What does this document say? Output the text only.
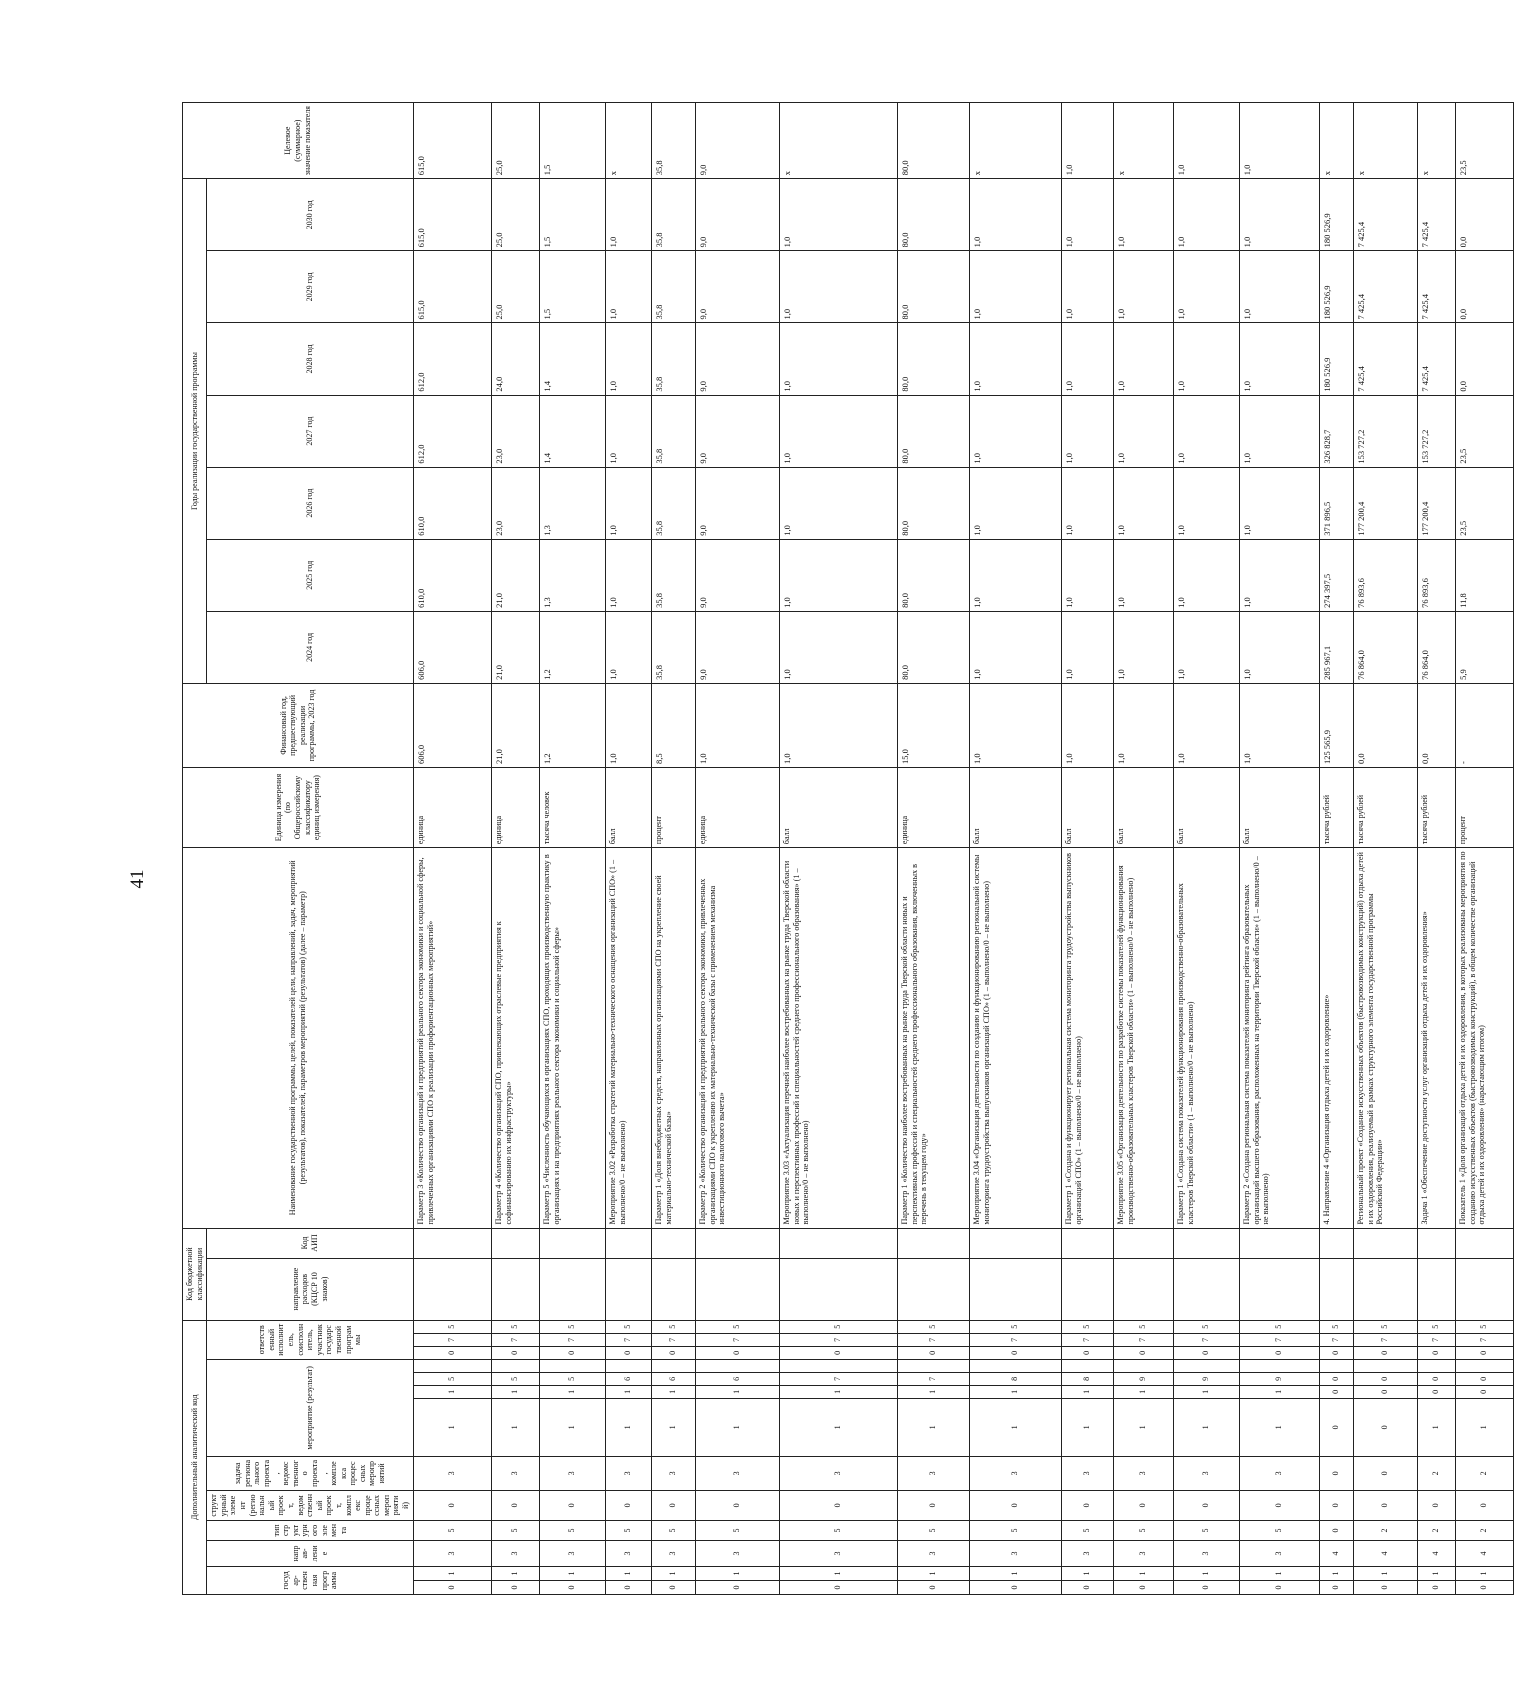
41
Дополнительный аналитический код													Код бюджетной классификации		Наименование государственной программы, целей, показателей цели, направлений, задач, мероприятий (результатов), показателей, параметров мероприятий (результатов) (далее – параметр)	Единица измерения (по Общероссийскому классификатору единиц измерения)	Финансовый год, предшествующий реализации программы, 2023 год	Годы реализации государственной программы							Целевое (суммарное) значение показателя
государ-ственная программа		направ-ление	тип структурного элемента	структурный элемент (региональный проект, ведомственный проект, комплекс процессных мероприятий)	задача регионального проекта, ведомственного проекта, комплекса процессных мероприятий	мероприятие (результат)				ответственный исполнитель, соисполнитель, участник государственной программы			направление расходов (КЦСР 10 знаков)	Код АИП				2024 год	2025 год	2026 год	2027 год	2028 год	2029 год	2030 год	
0	1	3	5	0	3	1	1	5		0	7	5			Параметр 3 «Количество организаций и предприятий реального сектора экономики и социальной сферы, привлеченных организациями СПО к реализации профориентационных мероприятий»	единица	606,0	606,0	610,0	610,0	612,0	612,0	615,0	615,0	615,0
0	1	3	5	0	3	1	1	5		0	7	5			Параметр 4 «Количество организаций СПО, привлекающих отраслевые предприятия к софинансированию их инфраструктуры»	единица	21,0	21,0	21,0	23,0	23,0	24,0	25,0	25,0	25,0
0	1	3	5	0	3	1	1	5		0	7	5			Параметр 5 «Численность обучающихся в организациях СПО, проходящих производственную практику в организациях и на предприятиях реального сектора экономики и социальной сферы»	тысяча человек	1,2	1,2	1,3	1,3	1,4	1,4	1,5	1,5	1,5
0	1	3	5	0	3	1	1	6		0	7	5			Мероприятие 3.02 «Разработка стратегий материально-технического оснащения организаций СПО» (1 – выполнено/0 – не выполнено)	балл	1,0	1,0	1,0	1,0	1,0	1,0	1,0	1,0	х
0	1	3	5	0	3	1	1	6		0	7	5			Параметр 1 «Доля внебюджетных средств, направленных организациями СПО на укрепление своей материально-технической базы»	процент	8,5	35,8	35,8	35,8	35,8	35,8	35,8	35,8	35,8
0	1	3	5	0	3	1	1	6		0	7	5			Параметр 2 «Количество организаций и предприятий реального сектора экономики, привлеченных организациями СПО к укреплению их материально-технической базы с применением механизма инвестиционного налогового вычета»	единица	1,0	9,0	9,0	9,0	9,0	9,0	9,0	9,0	9,0
0	1	3	5	0	3	1	1	7		0	7	5			Мероприятие 3.03 «Актуализация перечней наиболее востребованных на рынке труда Тверской области новых и перспективных профессий и специальностей среднего профессионального образования» (1 – выполнено/0 – не выполнено)	балл	1,0	1,0	1,0	1,0	1,0	1,0	1,0	1,0	х
0	1	3	5	0	3	1	1	7		0	7	5			Параметр 1 «Количество наиболее востребованных на рынке труда Тверской области новых и перспективных профессий и специальностей среднего профессионального образования, включенных в перечень в текущем году»	единица	15,0	80,0	80,0	80,0	80,0	80,0	80,0	80,0	80,0
0	1	3	5	0	3	1	1	8		0	7	5			Мероприятие 3.04 «Организация деятельности по созданию и функционированию региональной системы мониторинга трудоустройства выпускников организаций СПО» (1 – выполнено/0 – не выполнено)	балл	1,0	1,0	1,0	1,0	1,0	1,0	1,0	1,0	х
0	1	3	5	0	3	1	1	8		0	7	5			Параметр 1 «Создана и функционирует региональная система мониторинга трудоустройства выпускников организаций СПО» (1 – выполнено/0 – не выполнено)	балл	1,0	1,0	1,0	1,0	1,0	1,0	1,0	1,0	1,0
0	1	3	5	0	3	1	1	9		0	7	5			Мероприятие 3.05 «Организация деятельности по разработке системы показателей функционирования производственно-образовательных кластеров Тверской области» (1 – выполнено/0 – не выполнено)	балл	1,0	1,0	1,0	1,0	1,0	1,0	1,0	1,0	х
0	1	3	5	0	3	1	1	9		0	7	5			Параметр 1 «Создана система показателей функционирования производственно-образовательных кластеров Тверской области» (1 – выполнено/0 – не выполнено)	балл	1,0	1,0	1,0	1,0	1,0	1,0	1,0	1,0	1,0
0	1	3	5	0	3	1	1	9		0	7	5			Параметр 2 «Создана региональная система показателей мониторинга рейтинга образовательных организаций высшего образования, расположенных на территории Тверской области» (1 – выполнено/0 – не выполнено)	балл	1,0	1,0	1,0	1,0	1,0	1,0	1,0	1,0	1,0
0	1	4	0	0	0	0	0	0		0	7	5			4. Направление 4 «Организация отдыха детей и их оздоровление»	тысяча рублей	125 565,9	285 967,1	274 397,5	371 896,5	326 828,7	180 526,9	180 526,9	180 526,9	х
0	1	4	2	0	0	0	0	0		0	7	5			Региональный проект «Создание искусственных объектов (быстровозводимых конструкций) отдыха детей и их оздоровления, реализуемый в рамках структурного элемента государственной программы Российской Федерации»	тысяча рублей	0,0	76 864,0	76 893,6	177 200,4	153 727,2	7 425,4	7 425,4	7 425,4	х
0	1	4	2	0	2	1	0	0		0	7	5			Задача 1 «Обеспечение доступности услуг организаций отдыха детей и их оздоровления»	тысяча рублей	0,0	76 864,0	76 893,6	177 200,4	153 727,2	7 425,4	7 425,4	7 425,4	х
0	1	4	2	0	2	1	0	0		0	7	5			Показатель 1 «Доля организаций отдыха детей и их оздоровления, в которых реализованы мероприятия по созданию искусственных объектов (быстровозводимых конструкций), в общем количестве организаций отдыха детей и их оздоровления» (нарастающим итогом)	процент	-	5,9	11,8	23,5	23,5	0,0	0,0	0,0	23,5
